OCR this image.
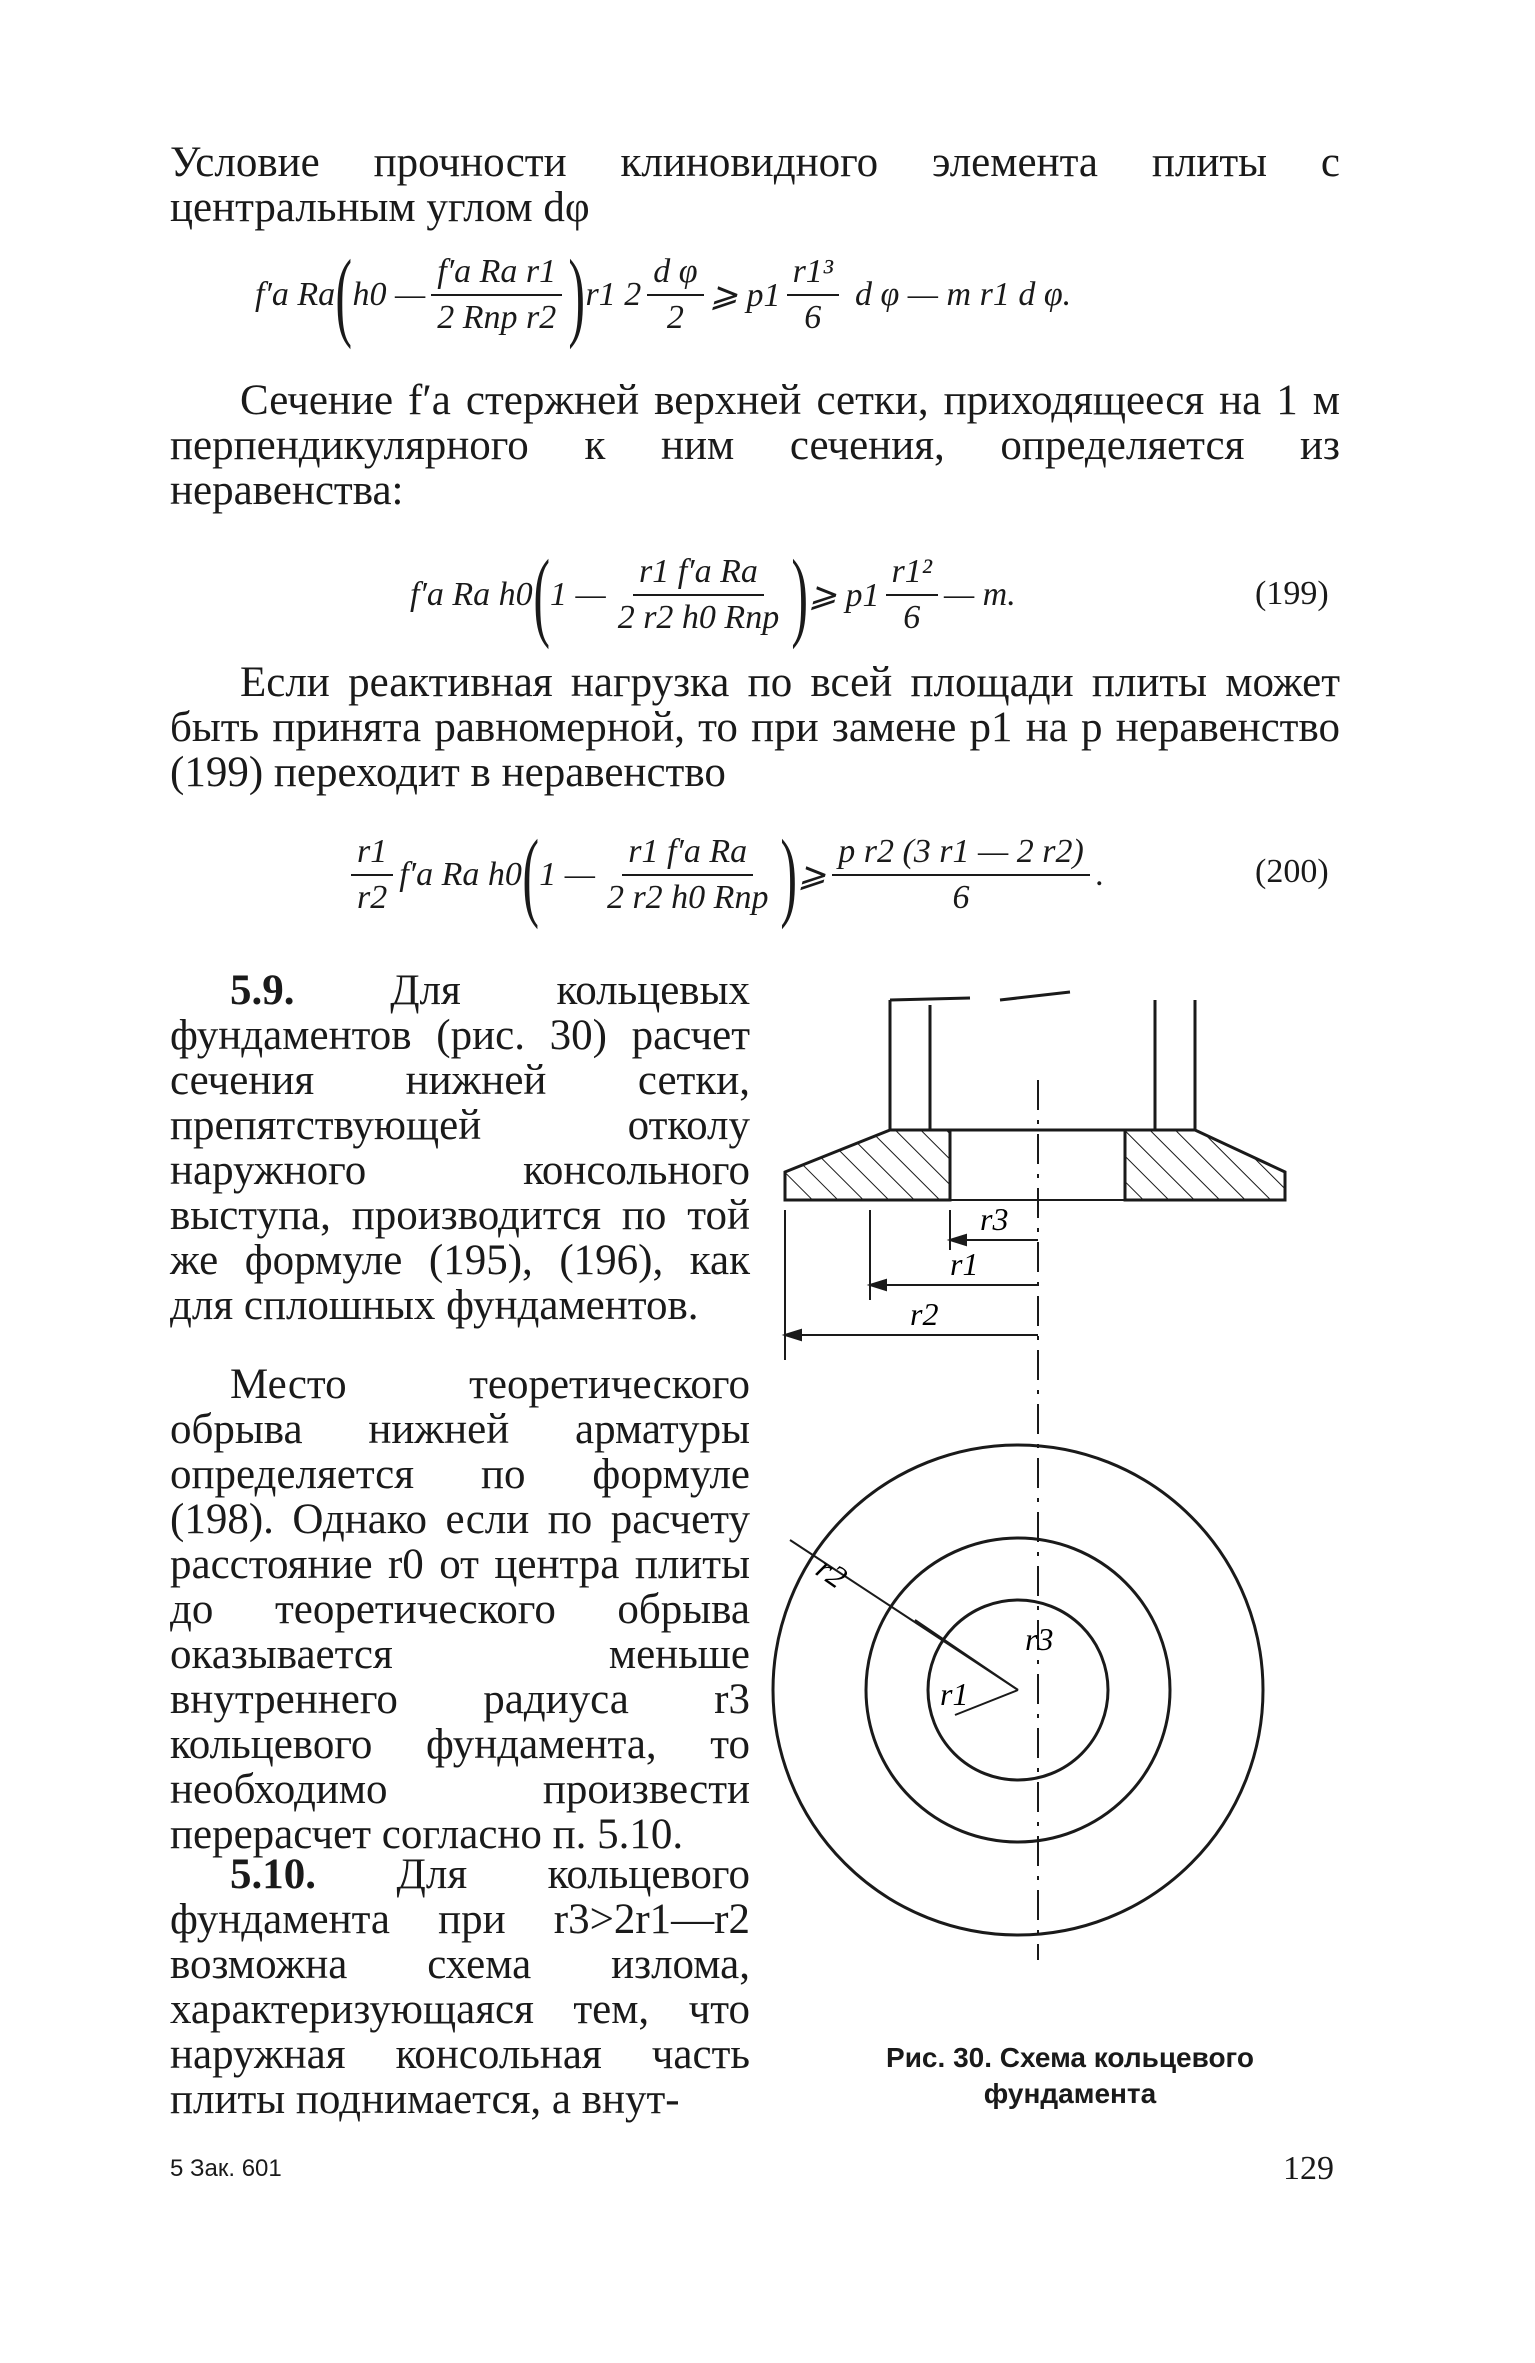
Условие прочности клиновидного элемента плиты с центральным углом dφ
f′a Ra ( h0 — $\frac{\text{f′a Ra r1}}{\text{2 Rпр r2}}$ ) r1 $2 \frac{\text{d φ}}{2}$ ⩾ $p1 \frac{\text{r1³}}{6}$ d φ — m r1 d φ.
Сечение f′a стержней верхней сетки, приходящееся на 1 м перпендикулярного к ним сечения, определяется из неравенства:
f′a Ra h0 ( 1 — $\frac{\text{r1 f′a Ra}}{\text{2 r2 h0 Rпр}}$ ) ⩾ $p1 \frac{\text{r1²}}{6}$ — m.	(199)
Если реактивная нагрузка по всей площади плиты может быть принята равномерной, то при замене p1 на p неравенство (199) переходит в неравенство
$\frac{r1}{r2} f'a$ Ra h0 ( 1 — $\frac{\text{r1 f′a Ra}}{\text{2 r2 h0 Rпр}}$ ) ⩾ $\frac{\text{p r2 (3 r1 — 2 r2)}}{6}$ .	(200)
5.9. Для кольцевых фундаментов (рис. 30) расчет сечения нижней сетки, препятствующей отколу наружного консольного выступа, производится по той же формуле (195), (196), как для сплошных фундаментов.
Место теоретического обрыва нижней арматуры определяется по формуле (198). Однако если по расчету расстояние r0 от центра плиты до теоретического обрыва оказывается меньше внутреннего радиуса r3 кольцевого фундамента, то необходимо произвести перерасчет согласно п. 5.10.
5.10. Для кольцевого фундамента при r3>2r1—r2 возможна схема излома, характеризующаяся тем, что наружная консольная часть плиты поднимается, а внут-
r3
r1
r2
r2
r3
r1
Рис. 30. Схема кольцевого
фундамента
5 Зак. 601	129
